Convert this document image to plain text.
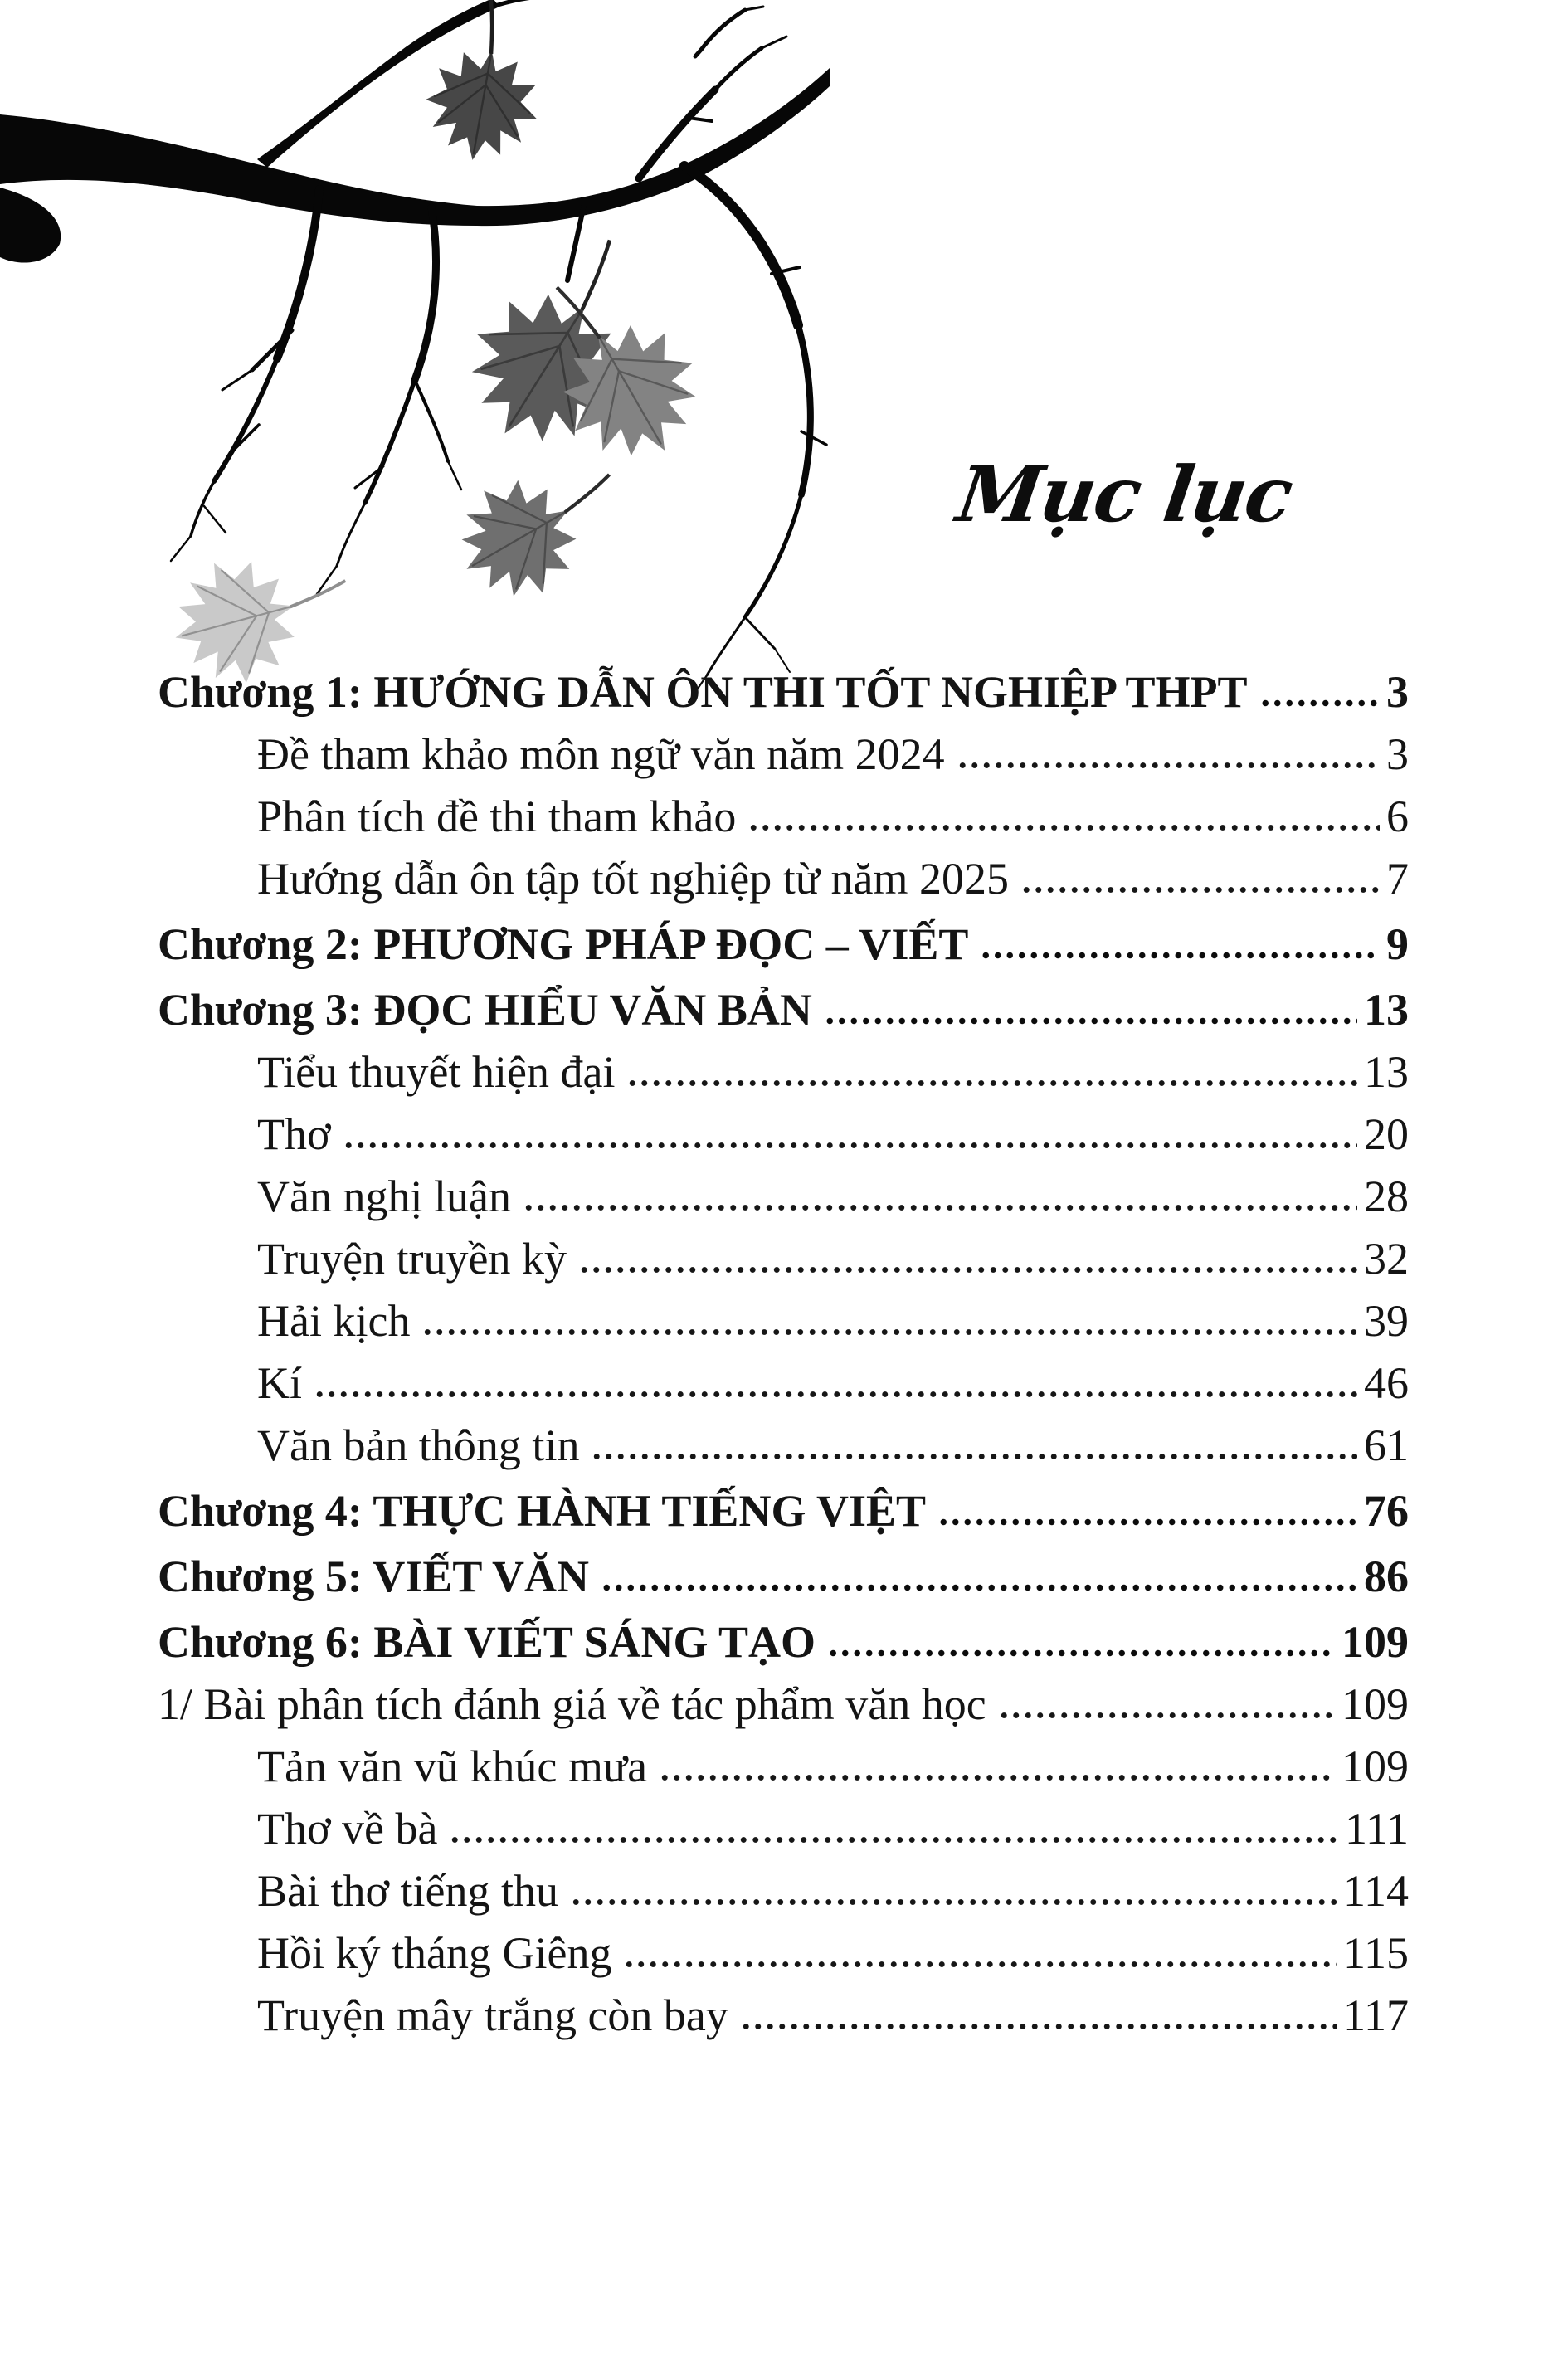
Mục lục
Chương 1: HƯỚNG DẪN ÔN THI TỐT NGHIỆP THPT	3
Đề tham khảo môn ngữ văn năm 2024	3
Phân tích đề thi tham khảo	6
Hướng dẫn ôn tập tốt nghiệp từ năm 2025	7
Chương 2: PHƯƠNG PHÁP ĐỌC – VIẾT	9
Chương 3: ĐỌC HIỂU VĂN BẢN	13
Tiểu thuyết hiện đại	13
Thơ	20
Văn nghị luận	28
Truyện truyền kỳ	32
Hải kịch	39
Kí	46
Văn bản thông tin	61
Chương 4: THỰC HÀNH TIẾNG VIỆT	76
Chương 5: VIẾT VĂN	86
Chương 6: BÀI VIẾT SÁNG TẠO	109
1/ Bài phân tích đánh giá về tác phẩm văn học	109
Tản văn vũ khúc mưa	109
Thơ về bà	111
Bài thơ tiếng thu	114
Hồi ký tháng Giêng	115
Truyện mây trắng còn bay	117
